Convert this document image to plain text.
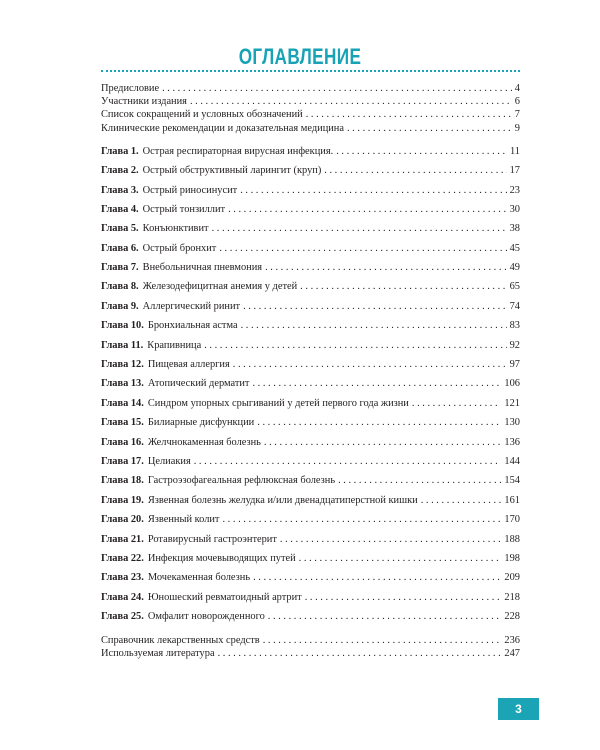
ОГЛАВЛЕНИЕ
Предисловие . . .	4
Участники издания . . .	6
Список сокращений и условных обозначений . . .	7
Клинические рекомендации и доказательная медицина . . .	9
Глава 1. Острая респираторная вирусная инфекция. . . .	11
Глава 2. Острый обструктивный ларингит (круп) . . .	17
Глава 3. Острый риносинусит . . .	23
Глава 4. Острый тонзиллит . . .	30
Глава 5. Конъюнктивит . . .	38
Глава 6. Острый бронхит . . .	45
Глава 7. Внебольничная пневмония . . .	49
Глава 8. Железодефицитная анемия у детей . . .	65
Глава 9. Аллергический ринит . . .	74
Глава 10. Бронхиальная астма . . .	83
Глава 11. Крапивница . . .	92
Глава 12. Пищевая аллергия . . .	97
Глава 13. Атопический дерматит . . .	106
Глава 14. Синдром упорных срыгиваний у детей первого года жизни . . .	121
Глава 15. Билиарные дисфункции . . .	130
Глава 16. Желчнокаменная болезнь . . .	136
Глава 17. Целиакия . . .	144
Глава 18. Гастроэзофагеальная рефлюксная болезнь . . .	154
Глава 19. Язвенная болезнь желудка и/или двенадцатиперстной кишки . . .	161
Глава 20. Язвенный колит . . .	170
Глава 21. Ротавирусный гастроэнтерит . . .	188
Глава 22. Инфекция мочевыводящих путей . . .	198
Глава 23. Мочекаменная болезнь . . .	209
Глава 24. Юношеский ревматоидный артрит . . .	218
Глава 25. Омфалит новорожденного . . .	228
Справочник лекарственных средств . . .	236
Используемая литература . . .	247
3
